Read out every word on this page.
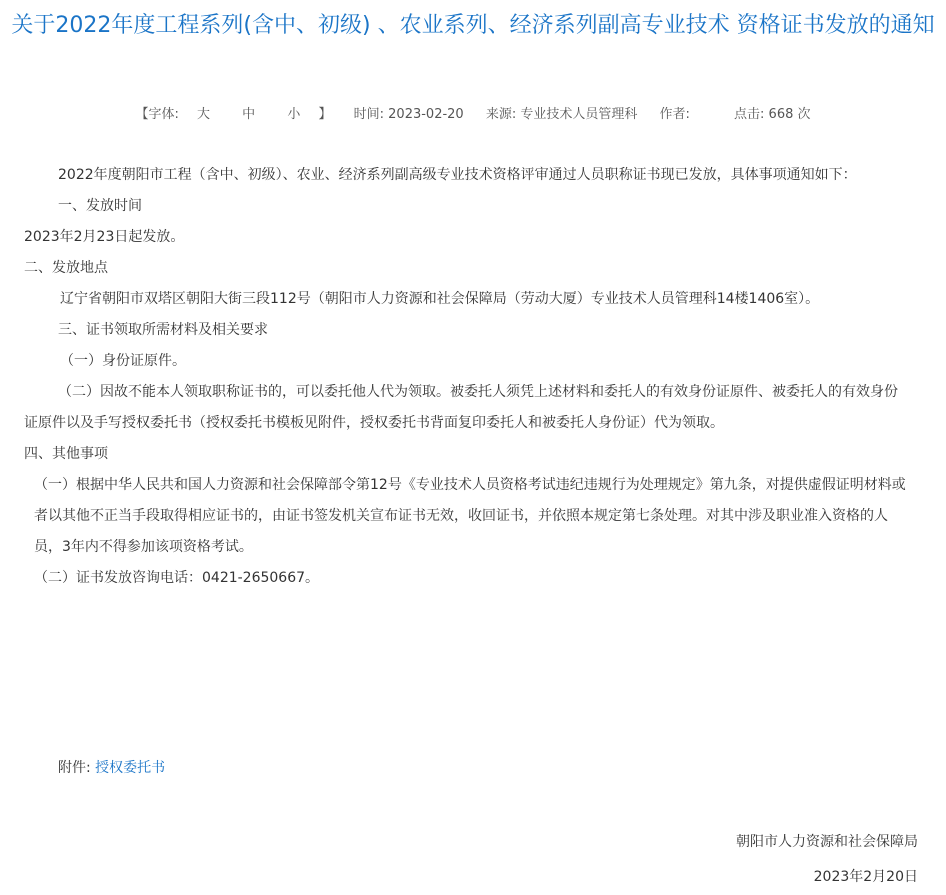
关于2022年度工程系列(含中、初级) 、农业系列、经济系列副高专业技术 资格证书发放的通知
【字体: 大 中 小 】 时间: 2023-02-20 来源: 专业技术人员管理科 作者:	点击: 668 次

2022年度朝阳市工程（含中、初级）、农业、经济系列副高级专业技术资格评审通过人员职称证书现已发放，具体事项通知如下：

一、发放时间

2023年2月23日起发放。

二、发放地点

辽宁省朝阳市双塔区朝阳大街三段112号（朝阳市人力资源和社会保障局（劳动大厦）专业技术人员管理科14楼1406室）。

三、证书领取所需材料及相关要求

（一）身份证原件。

（二）因故不能本人领取职称证书的，可以委托他人代为领取。被委托人须凭上述材料和委托人的有效身份证原件、被委托人的有效身份证原件以及手写授权委托书（授权委托书模板见附件，授权委托书背面复印委托人和被委托人身份证）代为领取。

四、其他事项

（一）根据中华人民共和国人力资源和社会保障部令第12号《专业技术人员资格考试违纪违规行为处理规定》第九条，对提供虚假证明材料或者以其他不正当手段取得相应证书的，由证书签发机关宣布证书无效，收回证书，并依照本规定第七条处理。对其中涉及职业准入资格的人员，3年内不得参加该项资格考试。

（二）证书发放咨询电话：0421-2650667。

附件: 授权委托书
朝阳市人力资源和社会保障局
2023年2月20日
